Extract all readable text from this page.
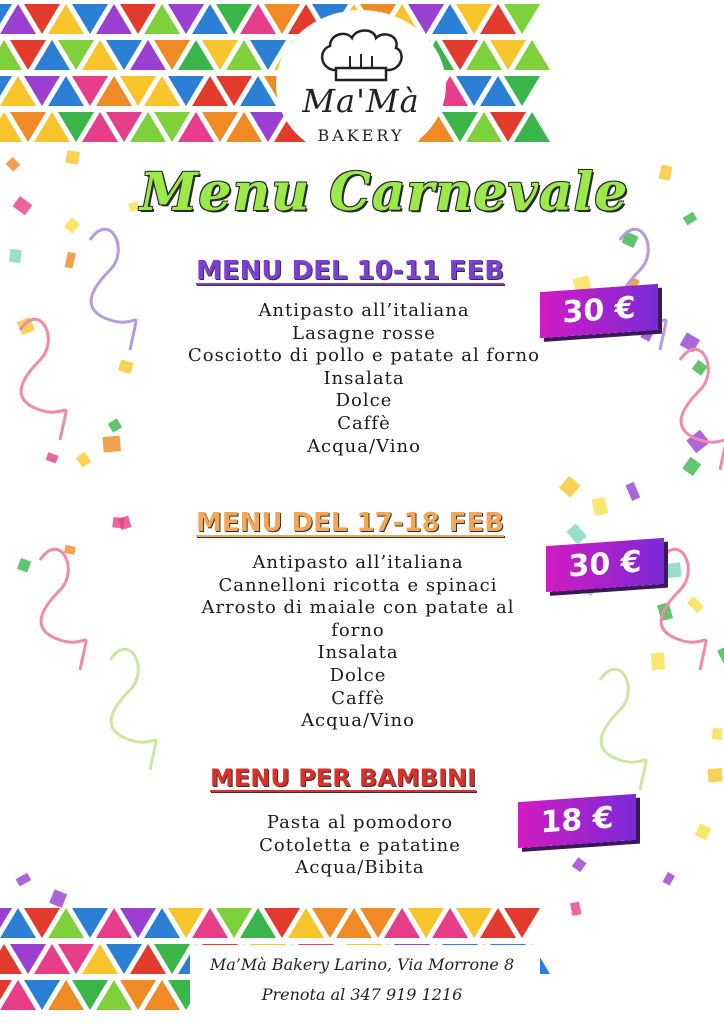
Ma'Mà
BAKERY
Menu Carnevale
MENU DEL 10-11 FEB
Antipasto all’italiana
Lasagne rosse
Cosciotto di pollo e patate al forno
Insalata
Dolce
Caffè
Acqua/Vino
30 €
MENU DEL 17-18 FEB
Antipasto all’italiana
Cannelloni ricotta e spinaci
Arrosto di maiale con patate al
forno
Insalata
Dolce
Caffè
Acqua/Vino
30 €
MENU PER BAMBINI
Pasta al pomodoro
Cotoletta e patatine
Acqua/Bibita
18 €
Ma’Mà Bakery Larino, Via Morrone 8
Prenota al 347 919 1216
